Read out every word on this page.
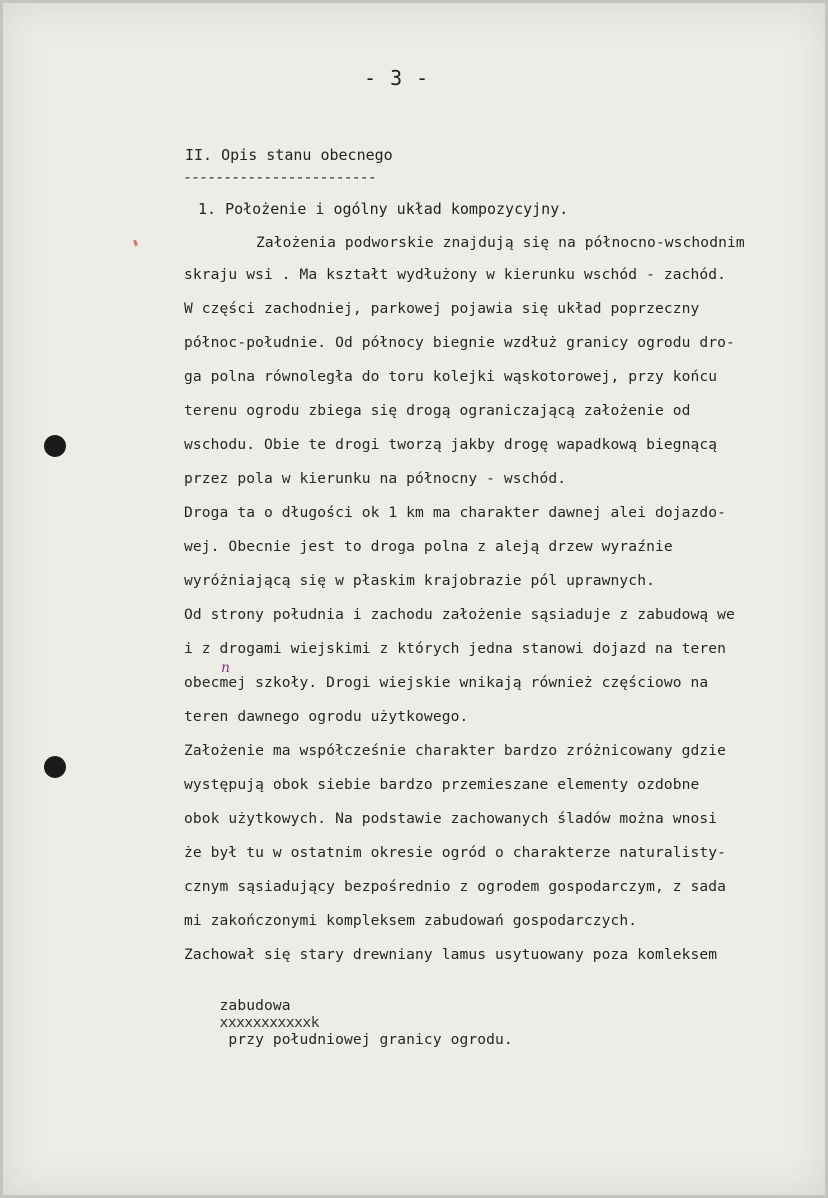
- 3 -
II. Opis stanu obecnego
------------------------
1. Położenie i ogólny układ kompozycyjny.
Założenia podworskie znajdują się na północno-wschodnim
skraju wsi . Ma kształt wydłużony w kierunku wschód - zachód.
W części zachodniej, parkowej pojawia się układ poprzeczny
północ-południe. Od północy biegnie wzdłuż granicy ogrodu dro-
ga polna równoległa do toru kolejki wąskotorowej, przy końcu
terenu ogrodu zbiega się drogą ograniczającą założenie od
wschodu. Obie te drogi tworzą jakby drogę wapadkową biegnącą
przez pola w kierunku na północny - wschód.
Droga ta o długości ok 1 km ma charakter dawnej alei dojazdo-
wej. Obecnie jest to droga polna z aleją drzew wyraźnie
wyróżniającą się w płaskim krajobrazie pól uprawnych.
Od strony południa i zachodu założenie sąsiaduje z zabudową we
i z drogami wiejskimi z których jedna stanowi dojazd na teren
obecmej szkoły. Drogi wiejskie wnikają również częściowo na
teren dawnego ogrodu użytkowego.
Założenie ma współcześnie charakter bardzo zróżnicowany gdzie
występują obok siebie bardzo przemieszane elementy ozdobne
obok użytkowych. Na podstawie zachowanych śladów można wnosi
że był tu w ostatnim okresie ogród o charakterze naturalisty-
cznym sąsiadujący bezpośrednio z ogrodem gospodarczym, z sada
mi zakończonymi kompleksem zabudowań gospodarczych.
Zachował się stary drewniany lamus usytuowany poza komleksem

zabudowa
xxxxxxxxxxxk
przy południowej granicy ogrodu.

n
